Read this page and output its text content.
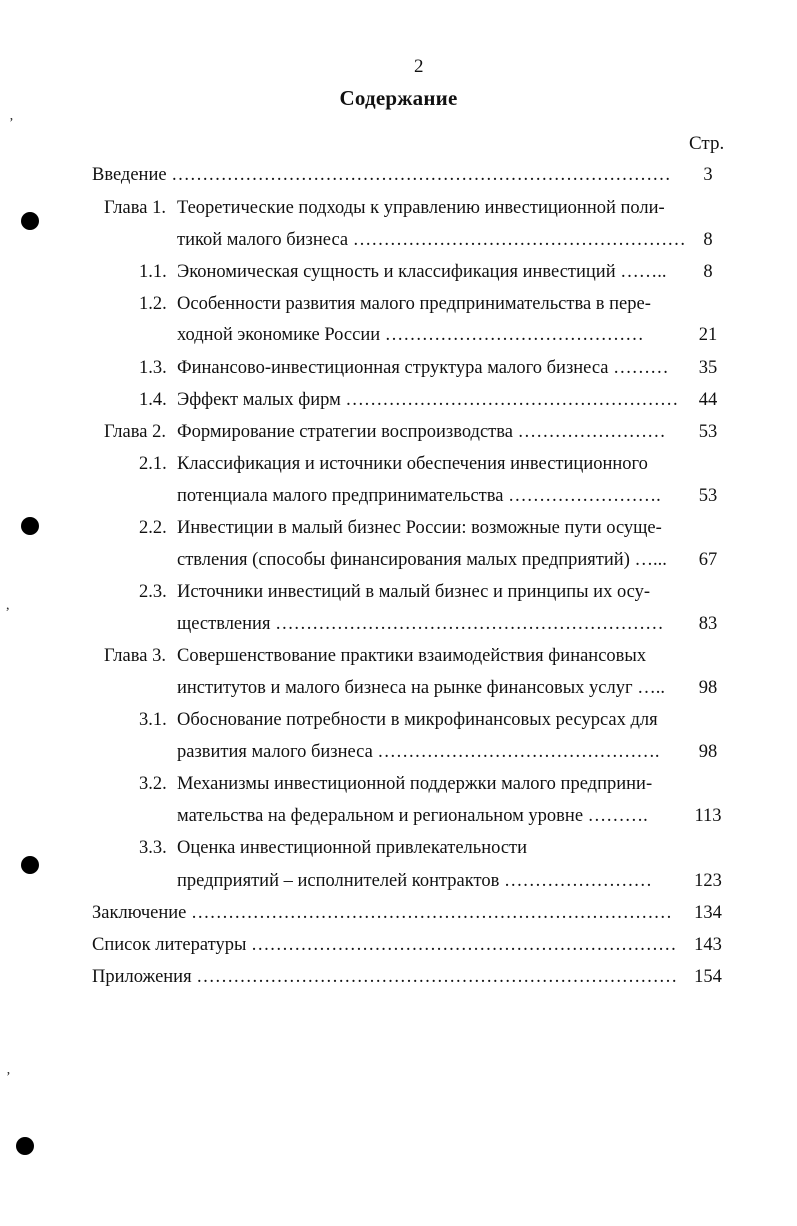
2
Содержание
Стр.
Введение ………………………………………………………………………	3
Глава 1. Теоретические подходы к управлению инвестиционной поли-
тикой малого бизнеса ……………………………………………… 8
1.1. Экономическая сущность и классификация инвестиций ……..	8
1.2. Особенности развития малого предпринимательства в пере-
ходной экономике России ……………………………………	21
1.3. Финансово-инвестиционная структура малого бизнеса ………	35
1.4. Эффект малых фирм ………………………………………………	44
Глава 2. Формирование стратегии воспроизводства ……………………	53
2.1. Классификация и источники обеспечения инвестиционного
потенциала малого предпринимательства …………………….	53
2.2. Инвестиции в малый бизнес России: возможные пути осуще-
ствления (способы финансирования малых предприятий) …...	67
2.3. Источники инвестиций в малый бизнес и принципы их осу-
ществления ………………………………………………………	83
Глава 3. Совершенствование практики взаимодействия финансовых
институтов и малого бизнеса на рынке финансовых услуг …..	98
3.1. Обоснование потребности в микрофинансовых ресурсах для
развития малого бизнеса ……………………………………….	98
3.2. Механизмы инвестиционной поддержки малого предприни-
мательства на федеральном и региональном уровне ……….	113
3.3. Оценка инвестиционной привлекательности
предприятий – исполнителей контрактов ……………………	123
Заключение ……………………………………………………………………	134
Список литературы …………………………………………………………… 143
Приложения …………………………………………………………………… 154
’
,
’
